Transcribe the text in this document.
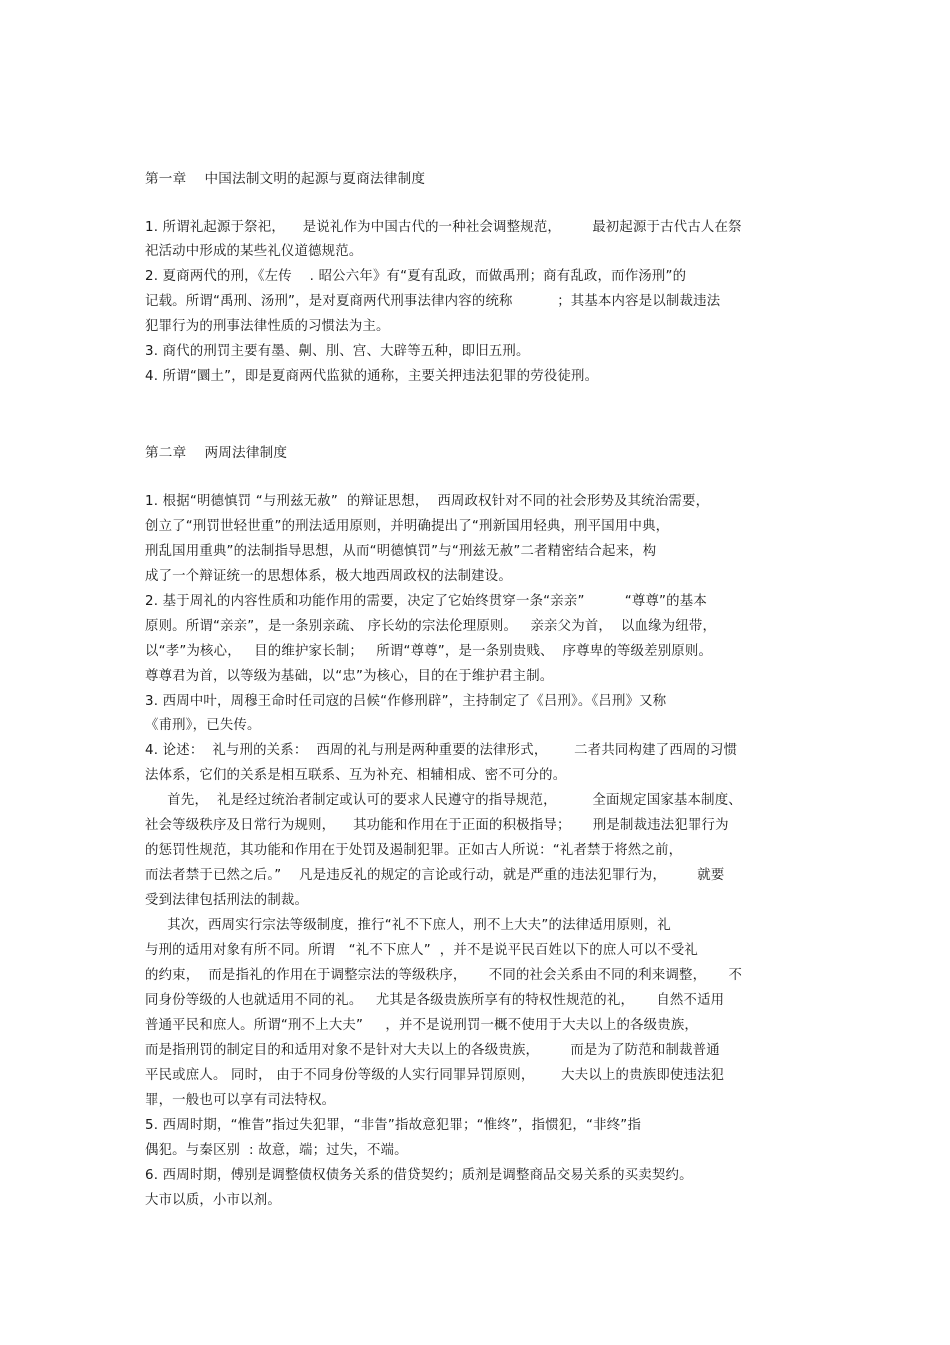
第一章    中国法制文明的起源与夏商法律制度
1. 所谓礼起源于祭祀，    是说礼作为中国古代的一种社会调整规范，       最初起源于古代古人在祭
祀活动中形成的某些礼仪道德规范。
2. 夏商两代的刑，《左传    . 昭公六年》有“夏有乱政，而做禹刑；商有乱政，而作汤刑”的
记载。所谓“禹刑、汤刑”，是对夏商两代刑事法律内容的统称          ；其基本内容是以制裁违法
犯罪行为的刑事法律性质的习惯法为主。
3. 商代的刑罚主要有墨、劓、刖、宫、大辟等五种，即旧五刑。
4. 所谓“圜土”，即是夏商两代监狱的通称，主要关押违法犯罪的劳役徒刑。
第二章    两周法律制度
1. 根据“明德慎罚 “与刑兹无赦”  的辩证思想，  西周政权针对不同的社会形势及其统治需要，
创立了“刑罚世轻世重”的刑法适用原则，并明确提出了“刑新国用轻典，刑平国用中典，
刑乱国用重典”的法制指导思想，从而“明德慎罚”与“刑兹无赦”二者精密结合起来，构
成了一个辩证统一的思想体系，极大地西周政权的法制建设。
2. 基于周礼的内容性质和功能作用的需要，决定了它始终贯穿一条“亲亲”         “尊尊”的基本
原则。所谓“亲亲”，是一条别亲疏、 序长幼的宗法伦理原则。   亲亲父为首，  以血缘为纽带，
以“孝”为核心，   目的维护家长制；   所谓“尊尊”，是一条别贵贱、  序尊卑的等级差别原则。
尊尊君为首，以等级为基础，以“忠”为核心，目的在于维护君主制。
3. 西周中叶，周穆王命时任司寇的吕候“作修刑辟”，主持制定了《吕刑》。《吕刑》又称
《甫刑》，已失传。
4. 论述：  礼与刑的关系：  西周的礼与刑是两种重要的法律形式，      二者共同构建了西周的习惯
法体系，它们的关系是相互联系、互为补充、相辅相成、密不可分的。
首先，  礼是经过统治者制定或认可的要求人民遵守的指导规范，        全面规定国家基本制度、
社会等级秩序及日常行为规则，    其功能和作用在于正面的积极指导；     刑是制裁违法犯罪行为
的惩罚性规范，其功能和作用在于处罚及遏制犯罪。正如古人所说：“礼者禁于将然之前，
而法者禁于已然之后。”    凡是违反礼的规定的言论或行动，就是严重的违法犯罪行为，       就要
受到法律包括刑法的制裁。
其次，西周实行宗法等级制度，推行“礼不下庶人，刑不上大夫”的法律适用原则，礼
与刑的适用对象有所不同。所谓   “礼不下庶人”  ，并不是说平民百姓以下的庶人可以不受礼
的约束，  而是指礼的作用在于调整宗法的等级秩序，     不同的社会关系由不同的利来调整，     不
同身份等级的人也就适用不同的礼。   尤其是各级贵族所享有的特权性规范的礼，     自然不适用
普通平民和庶人。所谓“刑不上大夫”     ，并不是说刑罚一概不使用于大夫以上的各级贵族，
而是指刑罚的制定目的和适用对象不是针对大夫以上的各级贵族，       而是为了防范和制裁普通
平民或庶人。 同时， 由于不同身份等级的人实行同罪异罚原则，      大夫以上的贵族即使违法犯
罪，一般也可以享有司法特权。
5. 西周时期，“惟眚”指过失犯罪，“非眚”指故意犯罪；“惟终”，指惯犯，“非终”指
偶犯。与秦区别  : 故意，端；过失，不端。
6. 西周时期，傅别是调整债权债务关系的借贷契约；质剂是调整商品交易关系的买卖契约。
大市以质，小市以剂。
